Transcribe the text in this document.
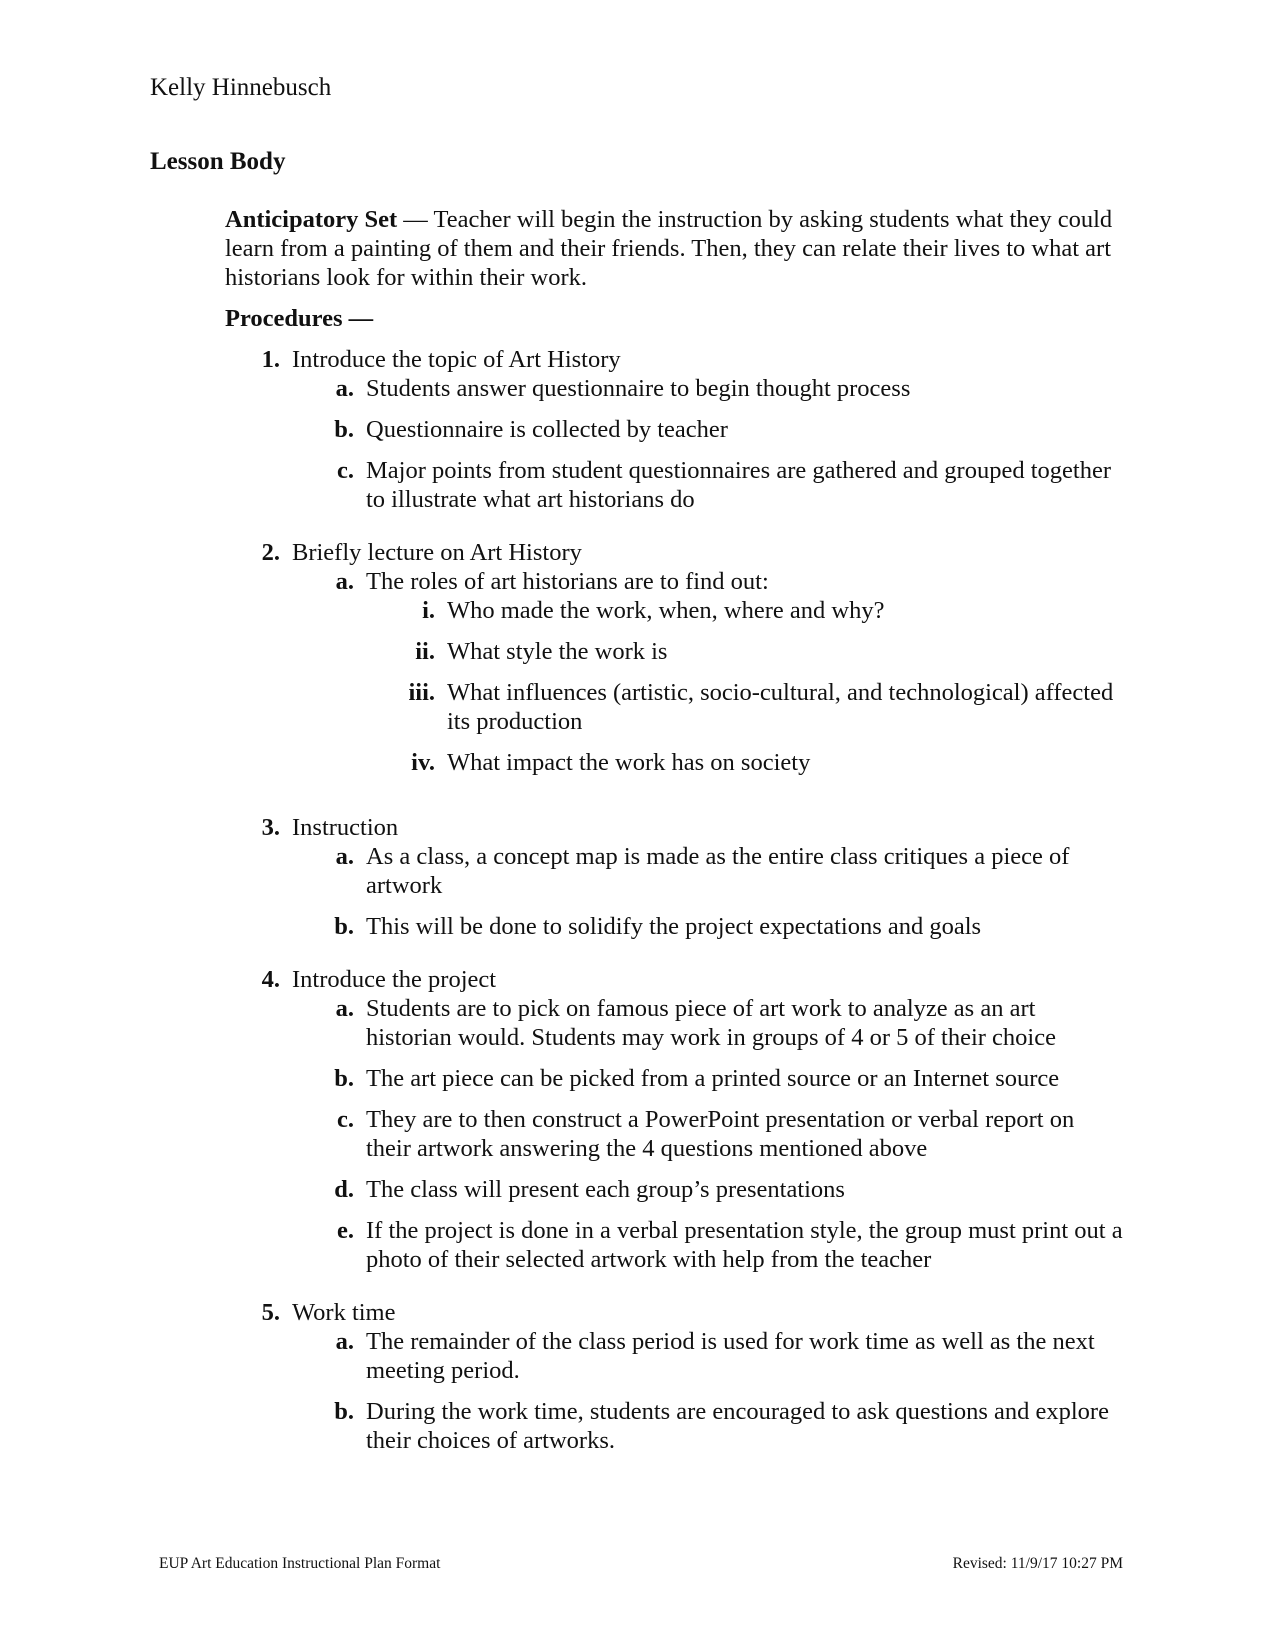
Kelly Hinnebusch
Lesson Body

Anticipatory Set — Teacher will begin the instruction by asking students what they could learn from a painting of them and their friends. Then, they can relate their lives to what art historians look for within their work.

Procedures —
1. Introduce the topic of Art History
a. Students answer questionnaire to begin thought process
b. Questionnaire is collected by teacher
c. Major points from student questionnaires are gathered and grouped together to illustrate what art historians do
2. Briefly lecture on Art History
a. The roles of art historians are to find out:
i. Who made the work, when, where and why?
ii. What style the work is
iii. What influences (artistic, socio-cultural, and technological) affected its production
iv. What impact the work has on society
3. Instruction
a. As a class, a concept map is made as the entire class critiques a piece of artwork
b. This will be done to solidify the project expectations and goals
4. Introduce the project
a. Students are to pick on famous piece of art work to analyze as an art historian would. Students may work in groups of 4 or 5 of their choice
b. The art piece can be picked from a printed source or an Internet source
c. They are to then construct a PowerPoint presentation or verbal report on their artwork answering the 4 questions mentioned above
d. The class will present each group’s presentations
e. If the project is done in a verbal presentation style, the group must print out a photo of their selected artwork with help from the teacher
5. Work time
a. The remainder of the class period is used for work time as well as the next meeting period.
b. During the work time, students are encouraged to ask questions and explore their choices of artworks.
EUP Art Education Instructional Plan Format	Revised: 11/9/17 10:27 PM
